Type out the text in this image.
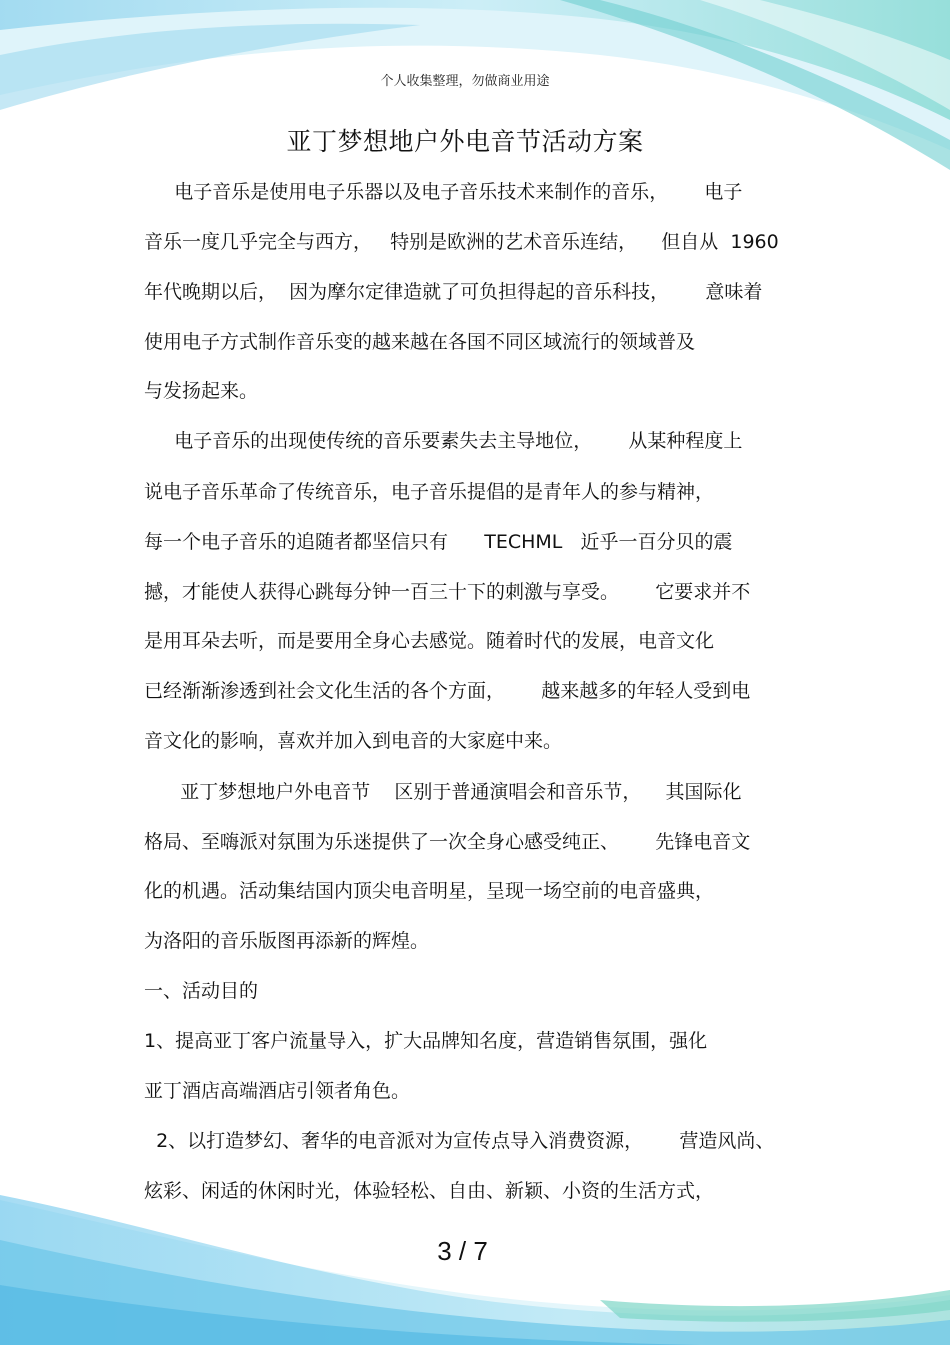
个人收集整理，勿做商业用途
亚丁梦想地户外电音节活动方案
电子音乐是使用电子乐器以及电子音乐技术来制作的音乐，      电子
音乐一度几乎完全与西方，   特别是欧洲的艺术音乐连结，    但自从  1960
年代晚期以后，  因为摩尔定律造就了可负担得起的音乐科技，      意味着
使用电子方式制作音乐变的越来越在各国不同区域流行的领域普及
与发扬起来。
电子音乐的出现使传统的音乐要素失去主导地位，      从某种程度上
说电子音乐革命了传统音乐，电子音乐提倡的是青年人的参与精神，
每一个电子音乐的追随者都坚信只有      TECHML   近乎一百分贝的震
撼，才能使人获得心跳每分钟一百三十下的刺激与享受。      它要求并不
是用耳朵去听，而是要用全身心去感觉。随着时代的发展，电音文化
已经渐渐渗透到社会文化生活的各个方面，      越来越多的年轻人受到电
音文化的影响，喜欢并加入到电音的大家庭中来。
亚丁梦想地户外电音节    区别于普通演唱会和音乐节，    其国际化
格局、至嗨派对氛围为乐迷提供了一次全身心感受纯正、      先锋电音文
化的机遇。活动集结国内顶尖电音明星，呈现一场空前的电音盛典，
为洛阳的音乐版图再添新的辉煌。
一、活动目的
1、提高亚丁客户流量导入，扩大品牌知名度，营造销售氛围，强化
亚丁酒店高端酒店引领者角色。
2、以打造梦幻、奢华的电音派对为宣传点导入消费资源，      营造风尚、
炫彩、闲适的休闲时光，体验轻松、自由、新颖、小资的生活方式，
3 / 7
